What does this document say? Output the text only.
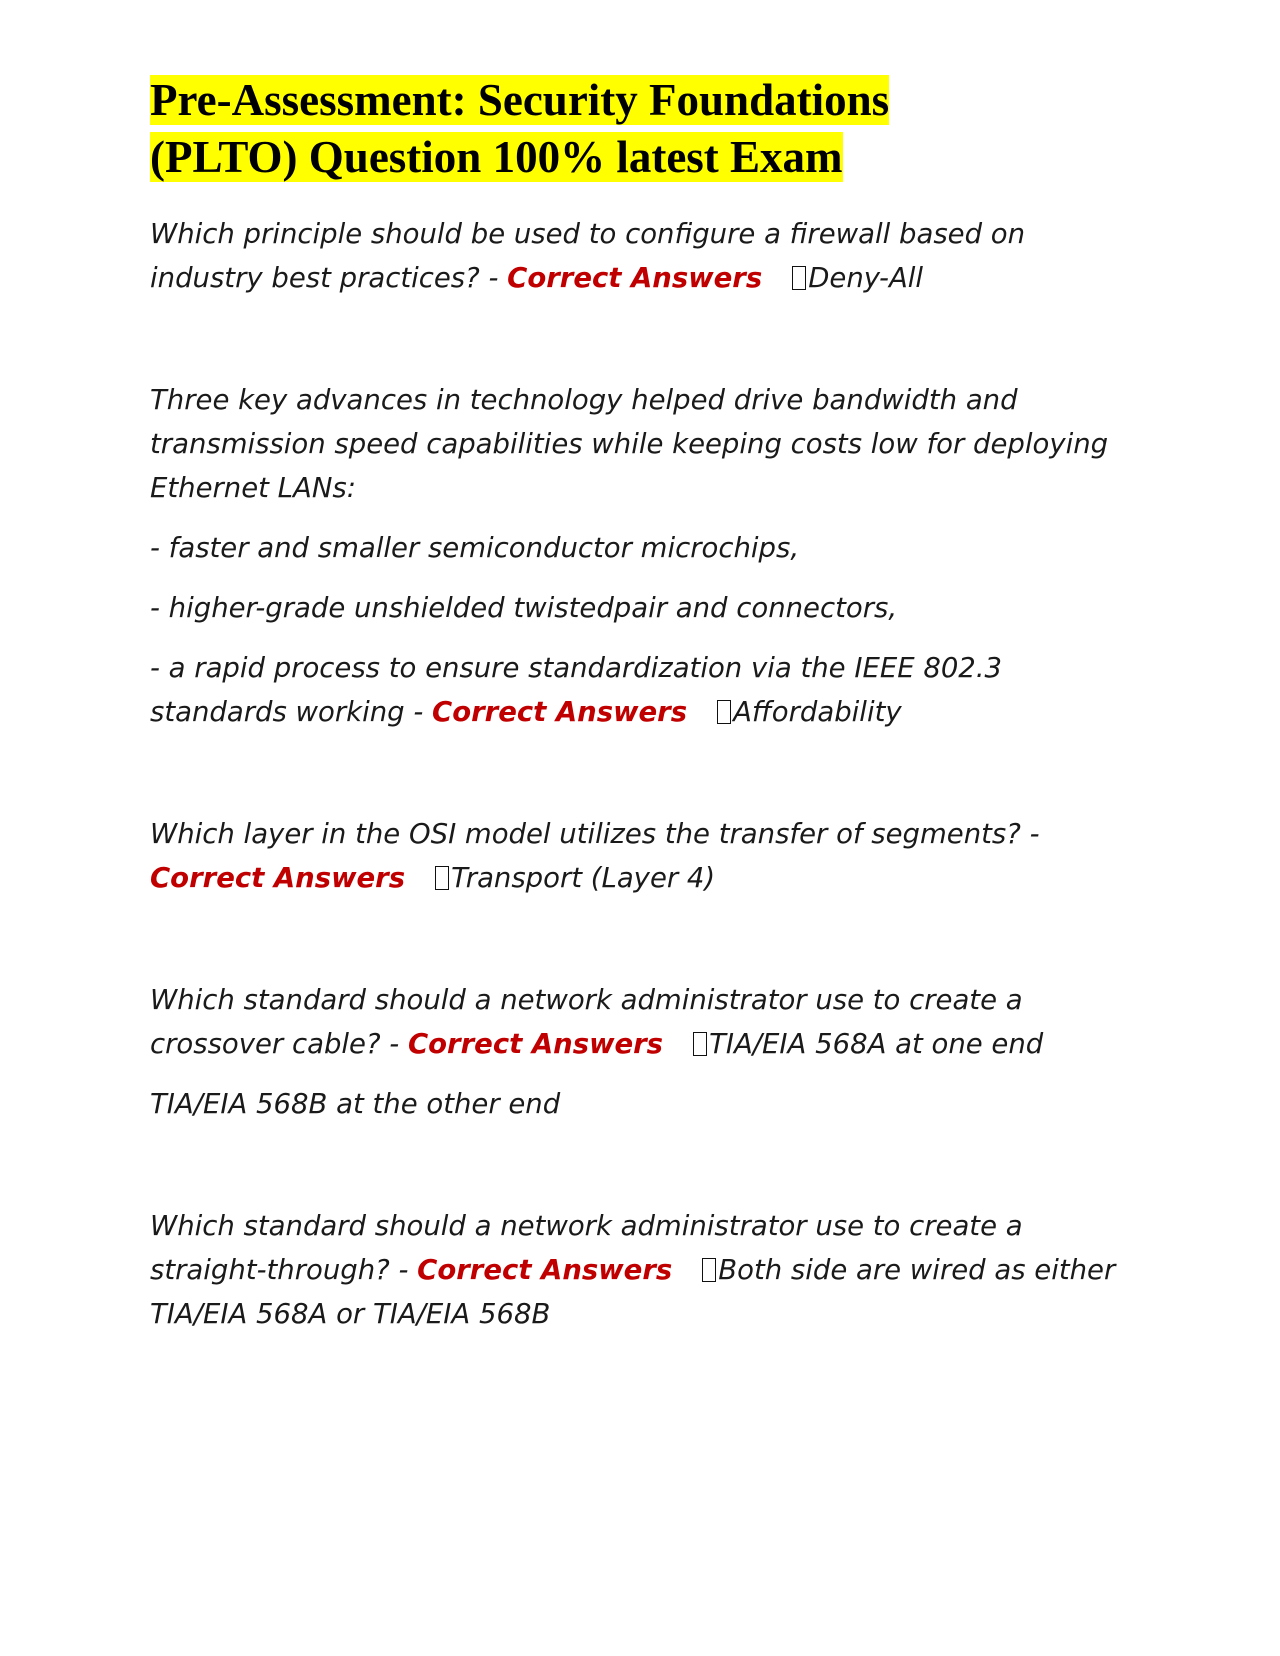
Pre-Assessment: Security Foundations
(PLTO) Question 100% latest Exam

Which principle should be used to configure a firewall based on industry best practices? - Correct Answers Deny-All

Three key advances in technology helped drive bandwidth and transmission speed capabilities while keeping costs low for deploying Ethernet LANs:

- faster and smaller semiconductor microchips,

- higher-grade unshielded twistedpair and connectors,

- a rapid process to ensure standardization via the IEEE 802.3 standards working - Correct Answers Affordability

Which layer in the OSI model utilizes the transfer of segments? - Correct Answers Transport (Layer 4)

Which standard should a network administrator use to create a crossover cable? - Correct Answers TIA/EIA 568A at one end

TIA/EIA 568B at the other end

Which standard should a network administrator use to create a straight-through? - Correct Answers Both side are wired as either TIA/EIA 568A or TIA/EIA 568B
